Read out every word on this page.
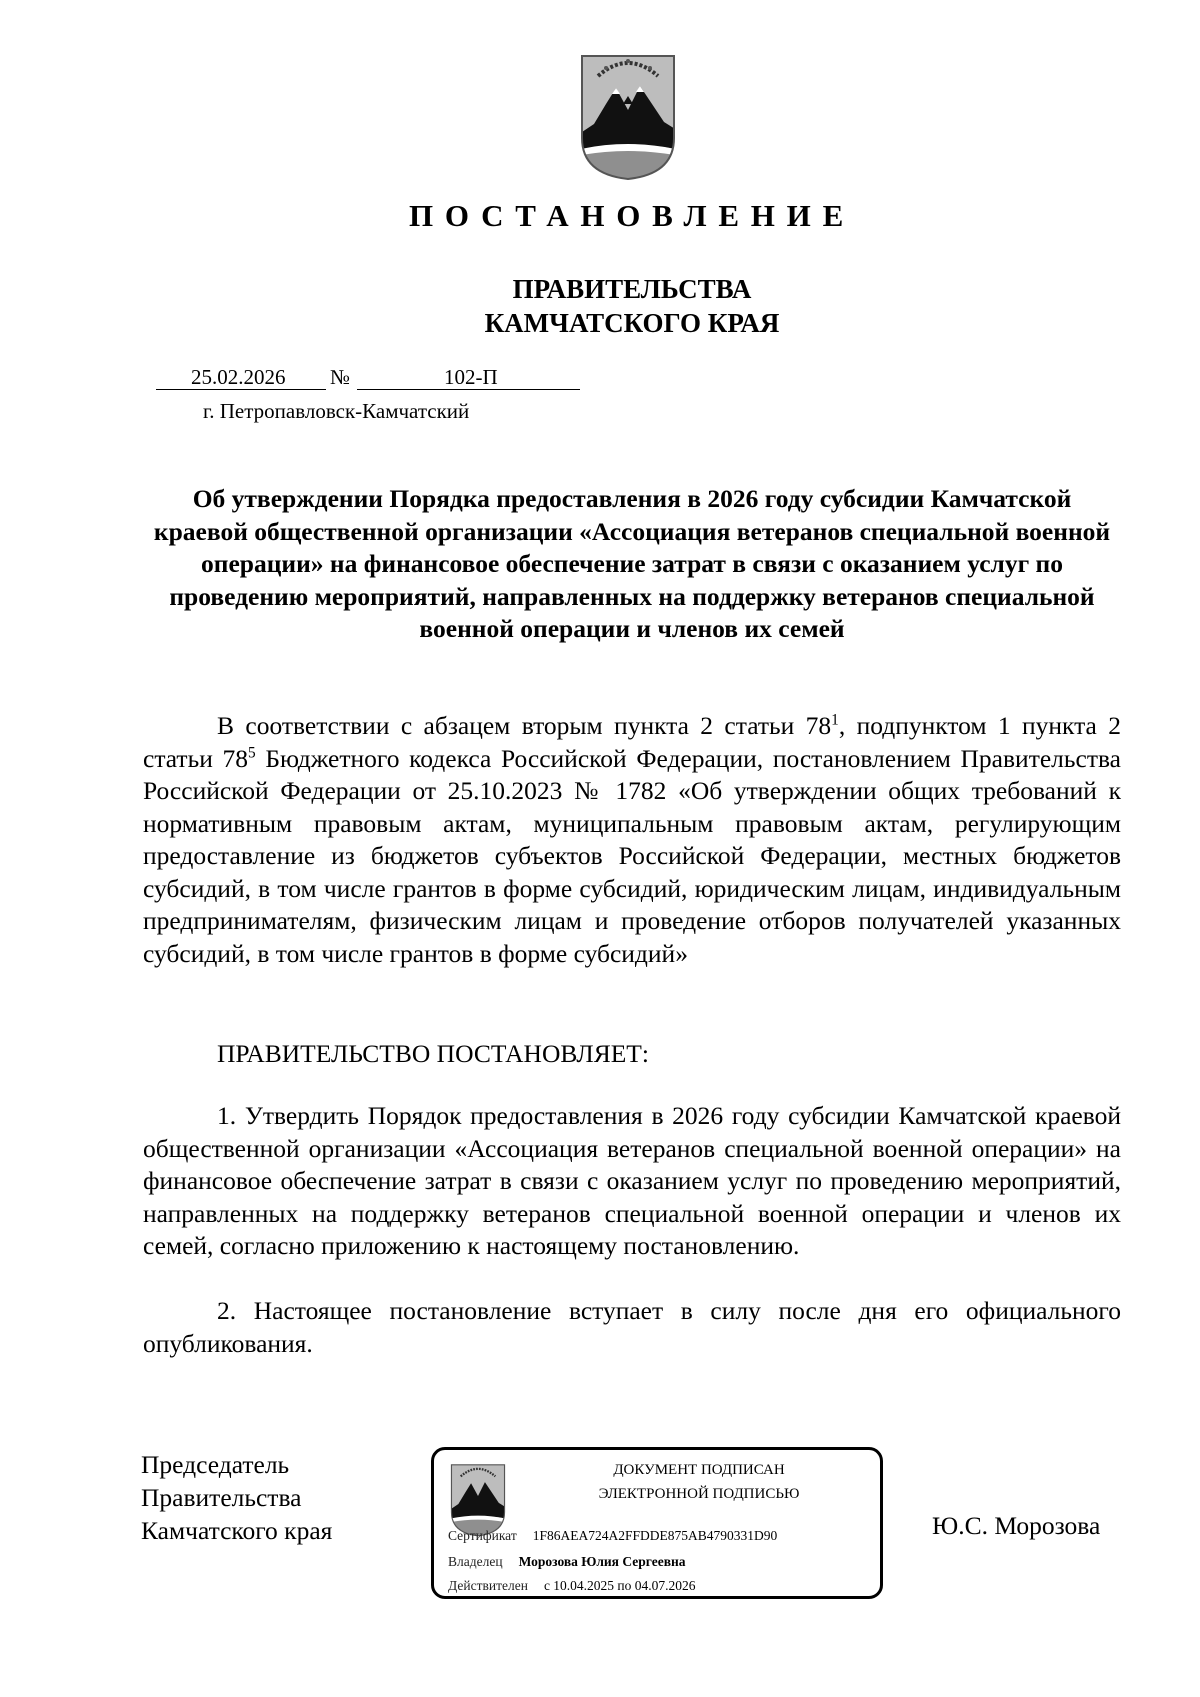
ПОСТАНОВЛЕНИЕ
ПРАВИТЕЛЬСТВА
КАМЧАТСКОГО КРАЯ
25.02.2026 №	102-П
г. Петропавловск-Камчатский
Об утверждении Порядка предоставления в 2026 году субсидии Камчатской краевой общественной организации «Ассоциация ветеранов специальной военной операции» на финансовое обеспечение затрат в связи с оказанием услуг по проведению мероприятий, направленных на поддержку ветеранов специальной военной операции и членов их семей

В соответствии с абзацем вторым пункта 2 статьи $78^1$, подпунктом 1 пункта 2 статьи $78^5$ Бюджетного кодекса Российской Федерации, постановлением Правительства Российской Федерации от 25.10.2023 № 1782 «Об утверждении общих требований к нормативным правовым актам, муниципальным правовым актам, регулирующим предоставление из бюджетов субъектов Российской Федерации, местных бюджетов субсидий, в том числе грантов в форме субсидий, юридическим лицам, индивидуальным предпринимателям, физическим лицам и проведение отборов получателей указанных субсидий, в том числе грантов в форме субсидий»

ПРАВИТЕЛЬСТВО ПОСТАНОВЛЯЕТ:

1. Утвердить Порядок предоставления в 2026 году субсидии Камчатской краевой общественной организации «Ассоциация ветеранов специальной военной операции» на финансовое обеспечение затрат в связи с оказанием услуг по проведению мероприятий, направленных на поддержку ветеранов специальной военной операции и членов их семей, согласно приложению к настоящему постановлению.

2. Настоящее постановление вступает в силу после дня его официального опубликования.

Председатель
Правительства
Камчатского края
ДОКУМЕНТ ПОДПИСАН
ЭЛЕКТРОННОЙ ПОДПИСЬЮ
Сертификат 1F86AEA724A2FFDDE875AB4790331D90
Владелец Морозова Юлия Сергеевна
Действителен с 10.04.2025 по 04.07.2026
Ю.С. Морозова
